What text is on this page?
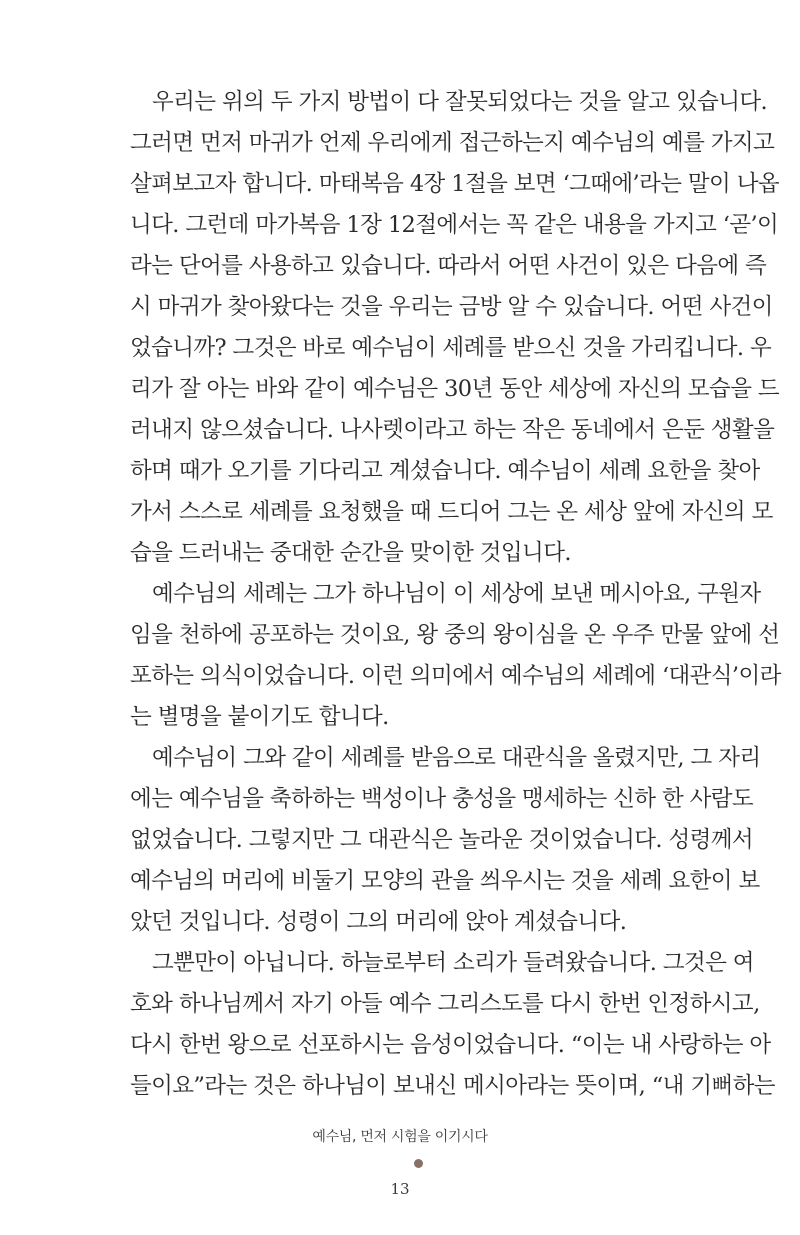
우리는 위의 두 가지 방법이 다 잘못되었다는 것을 알고 있습니다.
그러면 먼저 마귀가 언제 우리에게 접근하는지 예수님의 예를 가지고
살펴보고자 합니다. 마태복음 4장 1절을 보면 ‘그때에’라는 말이 나옵
니다. 그런데 마가복음 1장 12절에서는 꼭 같은 내용을 가지고 ‘곧’이
라는 단어를 사용하고 있습니다. 따라서 어떤 사건이 있은 다음에 즉
시 마귀가 찾아왔다는 것을 우리는 금방 알 수 있습니다. 어떤 사건이
었습니까? 그것은 바로 예수님이 세례를 받으신 것을 가리킵니다. 우
리가 잘 아는 바와 같이 예수님은 30년 동안 세상에 자신의 모습을 드
러내지 않으셨습니다. 나사렛이라고 하는 작은 동네에서 은둔 생활을
하며 때가 오기를 기다리고 계셨습니다. 예수님이 세례 요한을 찾아
가서 스스로 세례를 요청했을 때 드디어 그는 온 세상 앞에 자신의 모
습을 드러내는 중대한 순간을 맞이한 것입니다.
예수님의 세례는 그가 하나님이 이 세상에 보낸 메시아요, 구원자
임을 천하에 공포하는 것이요, 왕 중의 왕이심을 온 우주 만물 앞에 선
포하는 의식이었습니다. 이런 의미에서 예수님의 세례에 ‘대관식’이라
는 별명을 붙이기도 합니다.
예수님이 그와 같이 세례를 받음으로 대관식을 올렸지만, 그 자리
에는 예수님을 축하하는 백성이나 충성을 맹세하는 신하 한 사람도
없었습니다. 그렇지만 그 대관식은 놀라운 것이었습니다. 성령께서
예수님의 머리에 비둘기 모양의 관을 씌우시는 것을 세례 요한이 보
았던 것입니다. 성령이 그의 머리에 앉아 계셨습니다.
그뿐만이 아닙니다. 하늘로부터 소리가 들려왔습니다. 그것은 여
호와 하나님께서 자기 아들 예수 그리스도를 다시 한번 인정하시고,
다시 한번 왕으로 선포하시는 음성이었습니다. “이는 내 사랑하는 아
들이요”라는 것은 하나님이 보내신 메시아라는 뜻이며, “내 기뻐하는
예수님, 먼저 시험을 이기시다
13
